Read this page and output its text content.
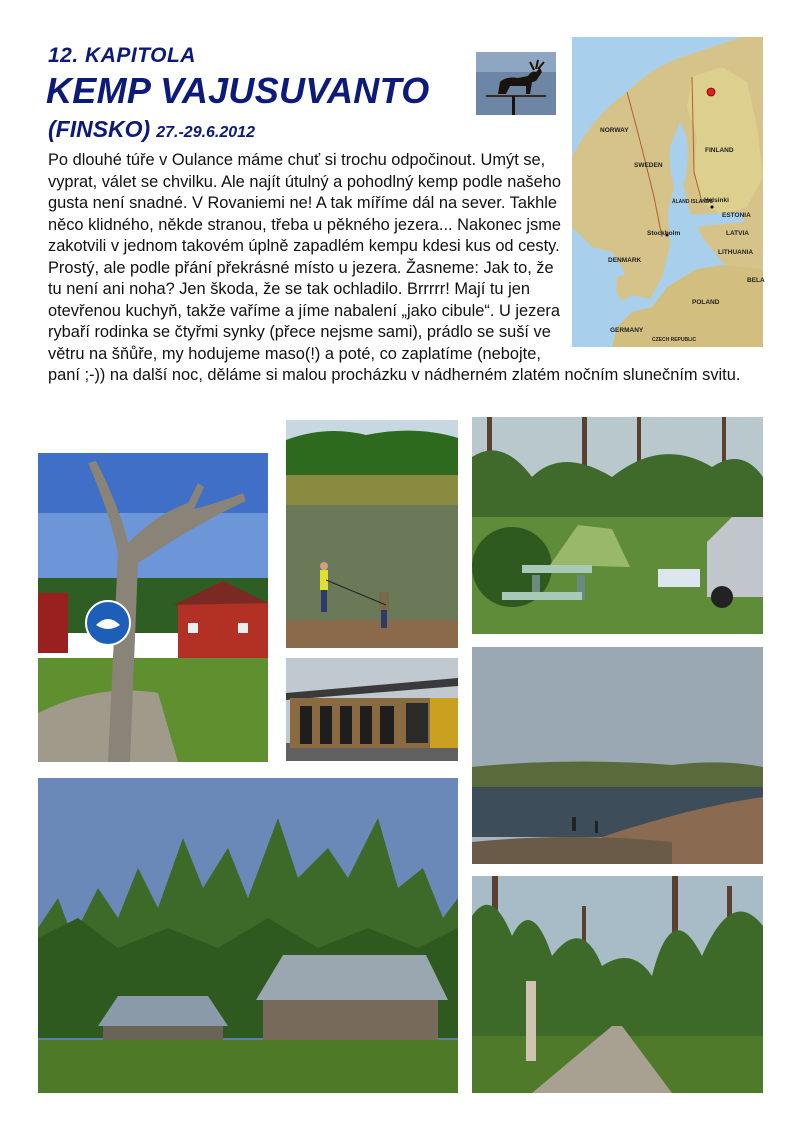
12. KAPITOLA
KEMP VAJUSUVANTO
(FINSKO) 27.-29.6.2012	NORWAY
SWEDEN
FINLAND
Stockholm
Helsinki
ÅLAND ISLANDS
ESTONIA
LATVIA
LITHUANIA
DENMARK
POLAND
GERMANY
BELA
CZECH REPUBLIC
Po dlouhé túře v Oulance máme chuť si trochu odpočinout. Umýt se, vyprat, válet se chvilku. Ale najít útulný a pohodlný kemp podle našeho gusta není snadné. V Rovaniemi ne! A tak míříme dál na sever. Takhle něco klidného, někde stranou, třeba u pěkného jezera... Nakonec jsme zakotvili v jednom takovém úplně zapadlém kempu kdesi kus od cesty. Prostý, ale podle přání překrásné místo u jezera. Žasneme: Jak to, že tu není ani noha? Jen škoda, že se tak ochladilo. Brrrrr! Mají tu jen otevřenou kuchyň, takže vaříme a jíme nabalení „jako cibule“. U jezera rybaří rodinka se čtyřmi synky (přece nejsme sami), prádlo se suší ve větru na šňůře, my hodujeme maso(!) a poté, co zaplatíme (nebojte, paní ;-)) na další noc, děláme si malou procházku v nádherném zlatém nočním slunečním svitu.
